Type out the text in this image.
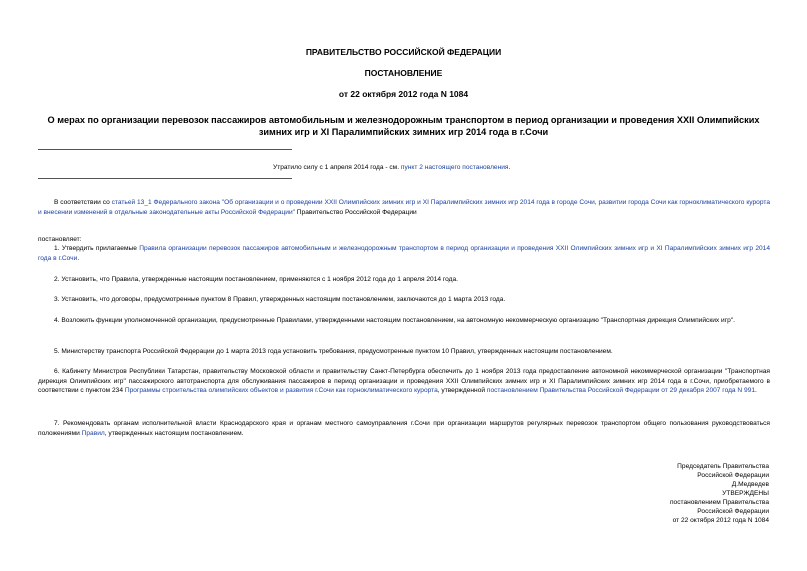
ПРАВИТЕЛЬСТВО РОССИЙСКОЙ ФЕДЕРАЦИИ
ПОСТАНОВЛЕНИЕ
от 22 октября 2012 года N 1084
О мерах по организации перевозок пассажиров автомобильным и железнодорожным транспортом в период организации и проведения XXII Олимпийских зимних игр и XI Паралимпийских зимних игр 2014 года в г.Сочи
Утратило силу с 1 апреля 2014 года - см. пункт 2 настоящего постановления.
В соответствии со статьей 13_1 Федерального закона "Об организации и о проведении XXII Олимпийских зимних игр и XI Паралимпийских зимних игр 2014 года в городе Сочи, развитии города Сочи как горноклиматического курорта и внесении изменений в отдельные законодательные акты Российской Федерации" Правительство Российской Федерации
постановляет:
1. Утвердить прилагаемые Правила организации перевозок пассажиров автомобильным и железнодорожным транспортом в период организации и проведения XXII Олимпийских зимних игр и XI Паралимпийских зимних игр 2014 года в г.Сочи.
2. Установить, что Правила, утвержденные настоящим постановлением, применяются с 1 ноября 2012 года до 1 апреля 2014 года.
3. Установить, что договоры, предусмотренные пунктом 8 Правил, утвержденных настоящим постановлением, заключаются до 1 марта 2013 года.
4. Возложить функции уполномоченной организации, предусмотренные Правилами, утвержденными настоящим постановлением, на автономную некоммерческую организацию "Транспортная дирекция Олимпийских игр".
5. Министерству транспорта Российской Федерации до 1 марта 2013 года установить требования, предусмотренные пунктом 10 Правил, утвержденных настоящим постановлением.
6. Кабинету Министров Республики Татарстан, правительству Московской области и правительству Санкт-Петербурга обеспечить до 1 ноября 2013 года предоставление автономной некоммерческой организации "Транспортная дирекция Олимпийских игр" пассажирского автотранспорта для обслуживания пассажиров в период организации и проведения XXII Олимпийских зимних игр и XI Паралимпийских зимних игр 2014 года в г.Сочи, приобретаемого в соответствии с пунктом 234 Программы строительства олимпийских объектов и развития г.Сочи как горноклиматического курорта, утвержденной постановлением Правительства Российской Федерации от 29 декабря 2007 года N 991.
7. Рекомендовать органам исполнительной власти Краснодарского края и органам местного самоуправления г.Сочи при организации маршрутов регулярных перевозок транспортом общего пользования руководствоваться положениями Правил, утвержденных настоящим постановлением.
Председатель Правительства
Российской Федерации
Д.Медведев
УТВЕРЖДЕНЫ
постановлением Правительства
Российской Федерации
от 22 октября 2012 года N 1084
